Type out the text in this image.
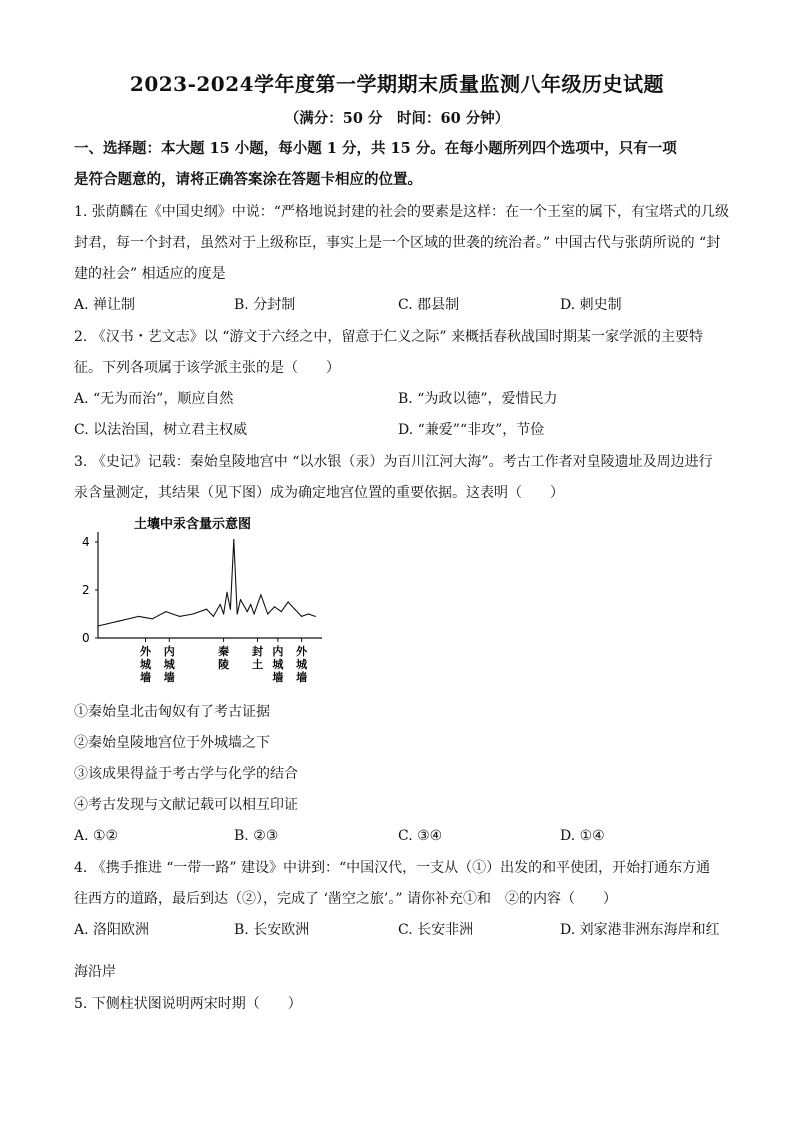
2023-2024学年度第一学期期末质量监测八年级历史试题
（满分：50 分　时间：60 分钟）
一、选择题：本大题 15 小题，每小题 1 分，共 15 分。在每小题所列四个选项中，只有一项
是符合题意的，请将正确答案涂在答题卡相应的位置。
1. 张荫麟在《中国史纲》中说：“严格地说封建的社会的要素是这样：在一个王室的属下，有宝塔式的几级
封君，每一个封君，虽然对于上级称臣，事实上是一个区域的世袭的统治者。” 中国古代与张荫所说的 “封
建的社会” 相适应的度是
A. 禅让制	B. 分封制	C. 郡县制	D. 刺史制
2. 《汉书・艺文志》以 “游文于六经之中，留意于仁义之际” 来概括春秋战国时期某一家学派的主要特
征。下列各项属于该学派主张的是（　　）
A. “无为而治”，顺应自然	B. “为政以德”，爱惜民力
C. 以法治国，树立君主权威	D. “兼爱”“非攻”，节俭
3. 《史记》记载：秦始皇陵地宫中 “以水银（汞）为百川江河大海”。考古工作者对皇陵遗址及周边进行
汞含量测定，其结果（见下图）成为确定地宫位置的重要依据。这表明（　　）
土壤中汞含量示意图
0
2
4
外城墙
内城墙
秦陵
封土
内城墙
外城墙
①秦始皇北击匈奴有了考古证据
②秦始皇陵地宫位于外城墙之下
③该成果得益于考古学与化学的结合
④考古发现与文献记载可以相互印证
A. ①②	B. ②③	C. ③④	D. ①④
4. 《携手推进 “一带一路” 建设》中讲到：“中国汉代，一支从（①）出发的和平使团，开始打通东方通
往西方的道路，最后到达（②），完成了 ‘凿空之旅’。” 请你补充①和　②的内容（　　）
A. 洛阳欧洲	B. 长安欧洲	C. 长安非洲	D. 刘家港非洲东海岸和红
海沿岸
5. 下侧柱状图说明两宋时期（　　）
